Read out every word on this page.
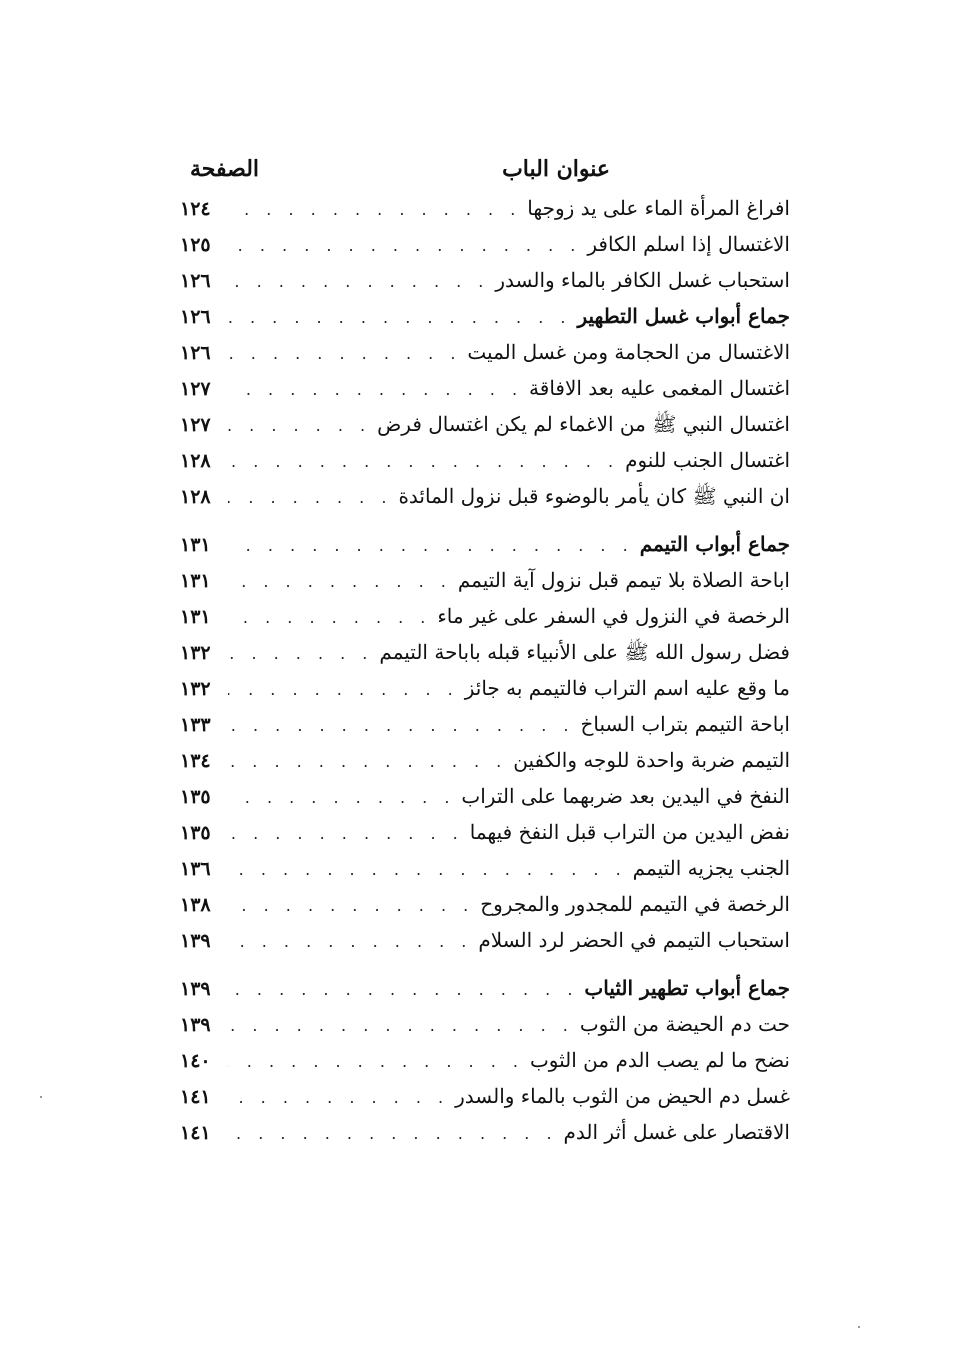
عنوان الباب
الصفحة
افراغ المرأة الماء على يد زوجها
. . .
١٢٤
الاغتسال إذا اسلم الكافر
. . .
١٢٥
استحباب غسل الكافر بالماء والسدر
. . .
١٢٦
جماع أبواب غسل التطهير
. . .
١٢٦
الاغتسال من الحجامة ومن غسل الميت
. . .
١٢٦
اغتسال المغمى عليه بعد الافاقة
. . .
١٢٧
اغتسال النبي ﷺ من الاغماء لم يكن اغتسال فرض
. . .
١٢٧
اغتسال الجنب للنوم
. . .
١٢٨
ان النبي ﷺ كان يأمر بالوضوء قبل نزول المائدة
. . .
١٢٨
جماع أبواب التيمم
. . .
١٣١
اباحة الصلاة بلا تيمم قبل نزول آية التيمم
. . .
١٣١
الرخصة في النزول في السفر على غير ماء
. . .
١٣١
فضل رسول الله ﷺ على الأنبياء قبله باباحة التيمم
. . .
١٣٢
ما وقع عليه اسم التراب فالتيمم به جائز
. . .
١٣٢
اباحة التيمم بتراب السباخ
. . .
١٣٣
التيمم ضربة واحدة للوجه والكفين
. . .
١٣٤
النفخ في اليدين بعد ضربهما على التراب
. . .
١٣٥
نفض اليدين من التراب قبل النفخ فيهما
. . .
١٣٥
الجنب يجزيه التيمم
. . .
١٣٦
الرخصة في التيمم للمجدور والمجروح
. . .
١٣٨
استحباب التيمم في الحضر لرد السلام
. . .
١٣٩
جماع أبواب تطهير الثياب
. . .
١٣٩
حت دم الحيضة من الثوب
. . .
١٣٩
نضح ما لم يصب الدم من الثوب
. . .
١٤٠
غسل دم الحيض من الثوب بالماء والسدر
. . .
١٤١
الاقتصار على غسل أثر الدم
. . .
١٤١
